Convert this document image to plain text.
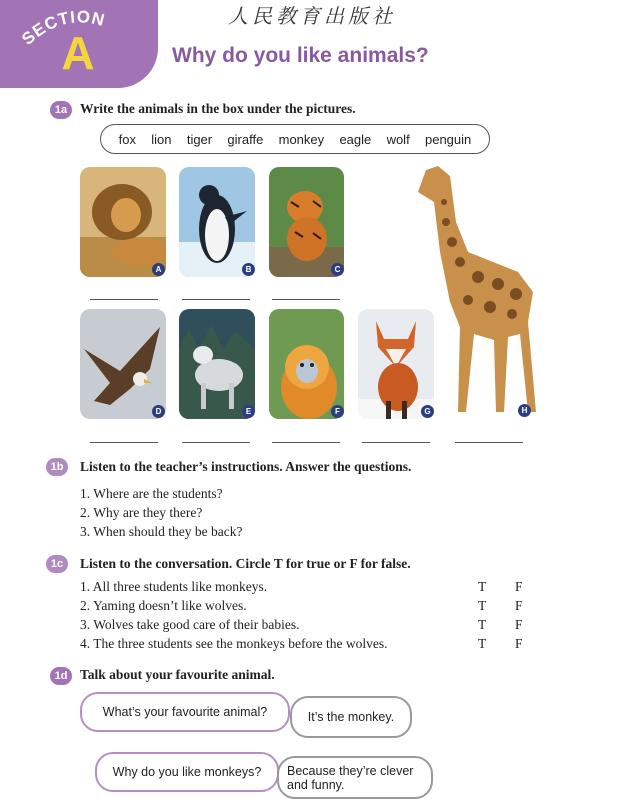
SECTION
A
人民教育出版社
Why do you like animals?
1a Write the animals in the box under the pictures.
fox lion tiger giraffe monkey eagle wolf penguin
A	B	C
D	E	F	G	H
1b	Listen to the teacher’s instructions. Answer the questions.
1. Where are the students?
2. Why are they there?
3. When should they be back?
1c	Listen to the conversation. Circle T for true or F for false.
1. All three students like monkeys.	T F
2. Yaming doesn’t like wolves.	T F
3. Wolves take good care of their babies.	T F
4. The three students see the monkeys before the wolves.	T F
1d Talk about your favourite animal.
What’s your favourite animal?	It’s the monkey.
Why do you like monkeys? Because they’re clever and funny.
